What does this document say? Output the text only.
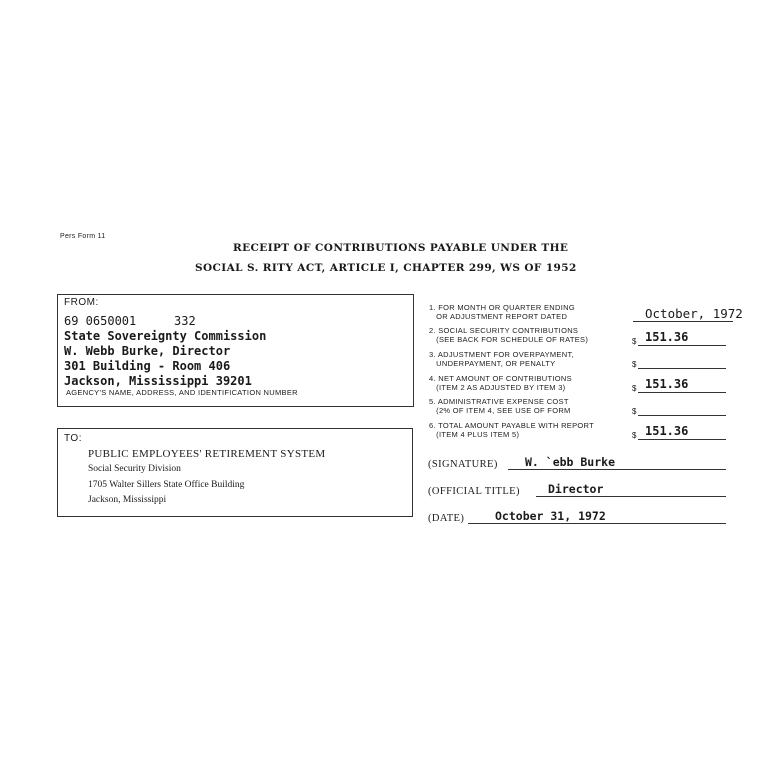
Pers Form 11
RECEIPT OF CONTRIBUTIONS PAYABLE UNDER THE
SOCIAL S. RITY ACT, ARTICLE I, CHAPTER 299, WS OF 1952
FROM:
69 0650001	332
State Sovereignty Commission
W. Webb Burke, Director
301 Building - Room 406
Jackson, Mississippi 39201
AGENCY'S NAME, ADDRESS, AND IDENTIFICATION NUMBER
TO:
PUBLIC EMPLOYEES' RETIREMENT SYSTEM
Social Security Division
1705 Walter Sillers State Office Building
Jackson, Mississippi
1. FOR MONTH OR QUARTER ENDING
OR ADJUSTMENT REPORT DATED	October, 1972
2. SOCIAL SECURITY CONTRIBUTIONS
(SEE BACK FOR SCHEDULE OF RATES)	$ 151.36
3. ADJUSTMENT FOR OVERPAYMENT,
UNDERPAYMENT, OR PENALTY	$
4. NET AMOUNT OF CONTRIBUTIONS
(ITEM 2 AS ADJUSTED BY ITEM 3)	$ 151.36
5. ADMINISTRATIVE EXPENSE COST
(2% OF ITEM 4, SEE USE OF FORM	$
6. TOTAL AMOUNT PAYABLE WITH REPORT
(ITEM 4 PLUS ITEM 5)	$ 151.36
(SIGNATURE) W. `ebb Burke
(OFFICIAL TITLE) Director
(DATE)	October 31, 1972
